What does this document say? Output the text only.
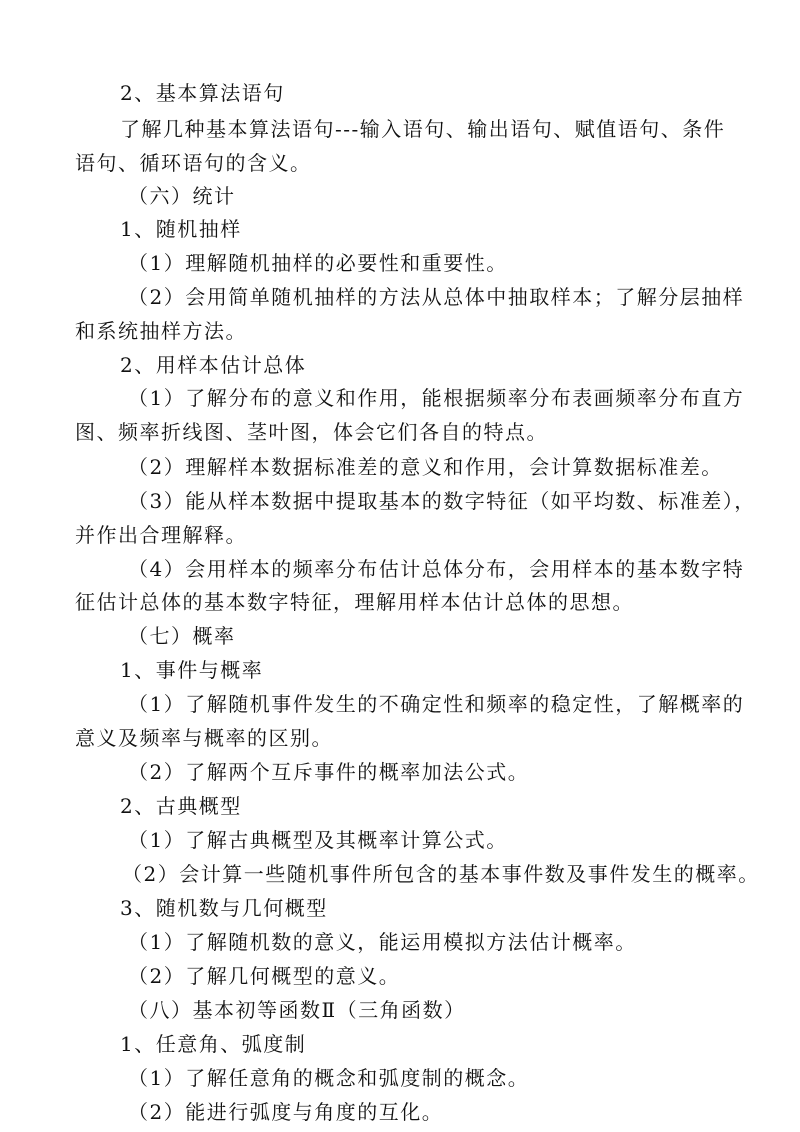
2、基本算法语句
了解几种基本算法语句---输入语句、输出语句、赋值语句、条件
语句、循环语句的含义。
（六）统计
1、随机抽样
（1）理解随机抽样的必要性和重要性。
（2）会用简单随机抽样的方法从总体中抽取样本；了解分层抽样
和系统抽样方法。
2、用样本估计总体
（1）了解分布的意义和作用，能根据频率分布表画频率分布直方
图、频率折线图、茎叶图，体会它们各自的特点。
（2）理解样本数据标准差的意义和作用，会计算数据标准差。
（3）能从样本数据中提取基本的数字特征（如平均数、标准差），
并作出合理解释。
（4）会用样本的频率分布估计总体分布，会用样本的基本数字特
征估计总体的基本数字特征，理解用样本估计总体的思想。
（七）概率
1、事件与概率
（1）了解随机事件发生的不确定性和频率的稳定性，了解概率的
意义及频率与概率的区别。
（2）了解两个互斥事件的概率加法公式。
2、古典概型
（1）了解古典概型及其概率计算公式。
（2）会计算一些随机事件所包含的基本事件数及事件发生的概率。
3、随机数与几何概型
（1）了解随机数的意义，能运用模拟方法估计概率。
（2）了解几何概型的意义。
（八）基本初等函数Ⅱ（三角函数）
1、任意角、弧度制
（1）了解任意角的概念和弧度制的概念。
（2）能进行弧度与角度的互化。
